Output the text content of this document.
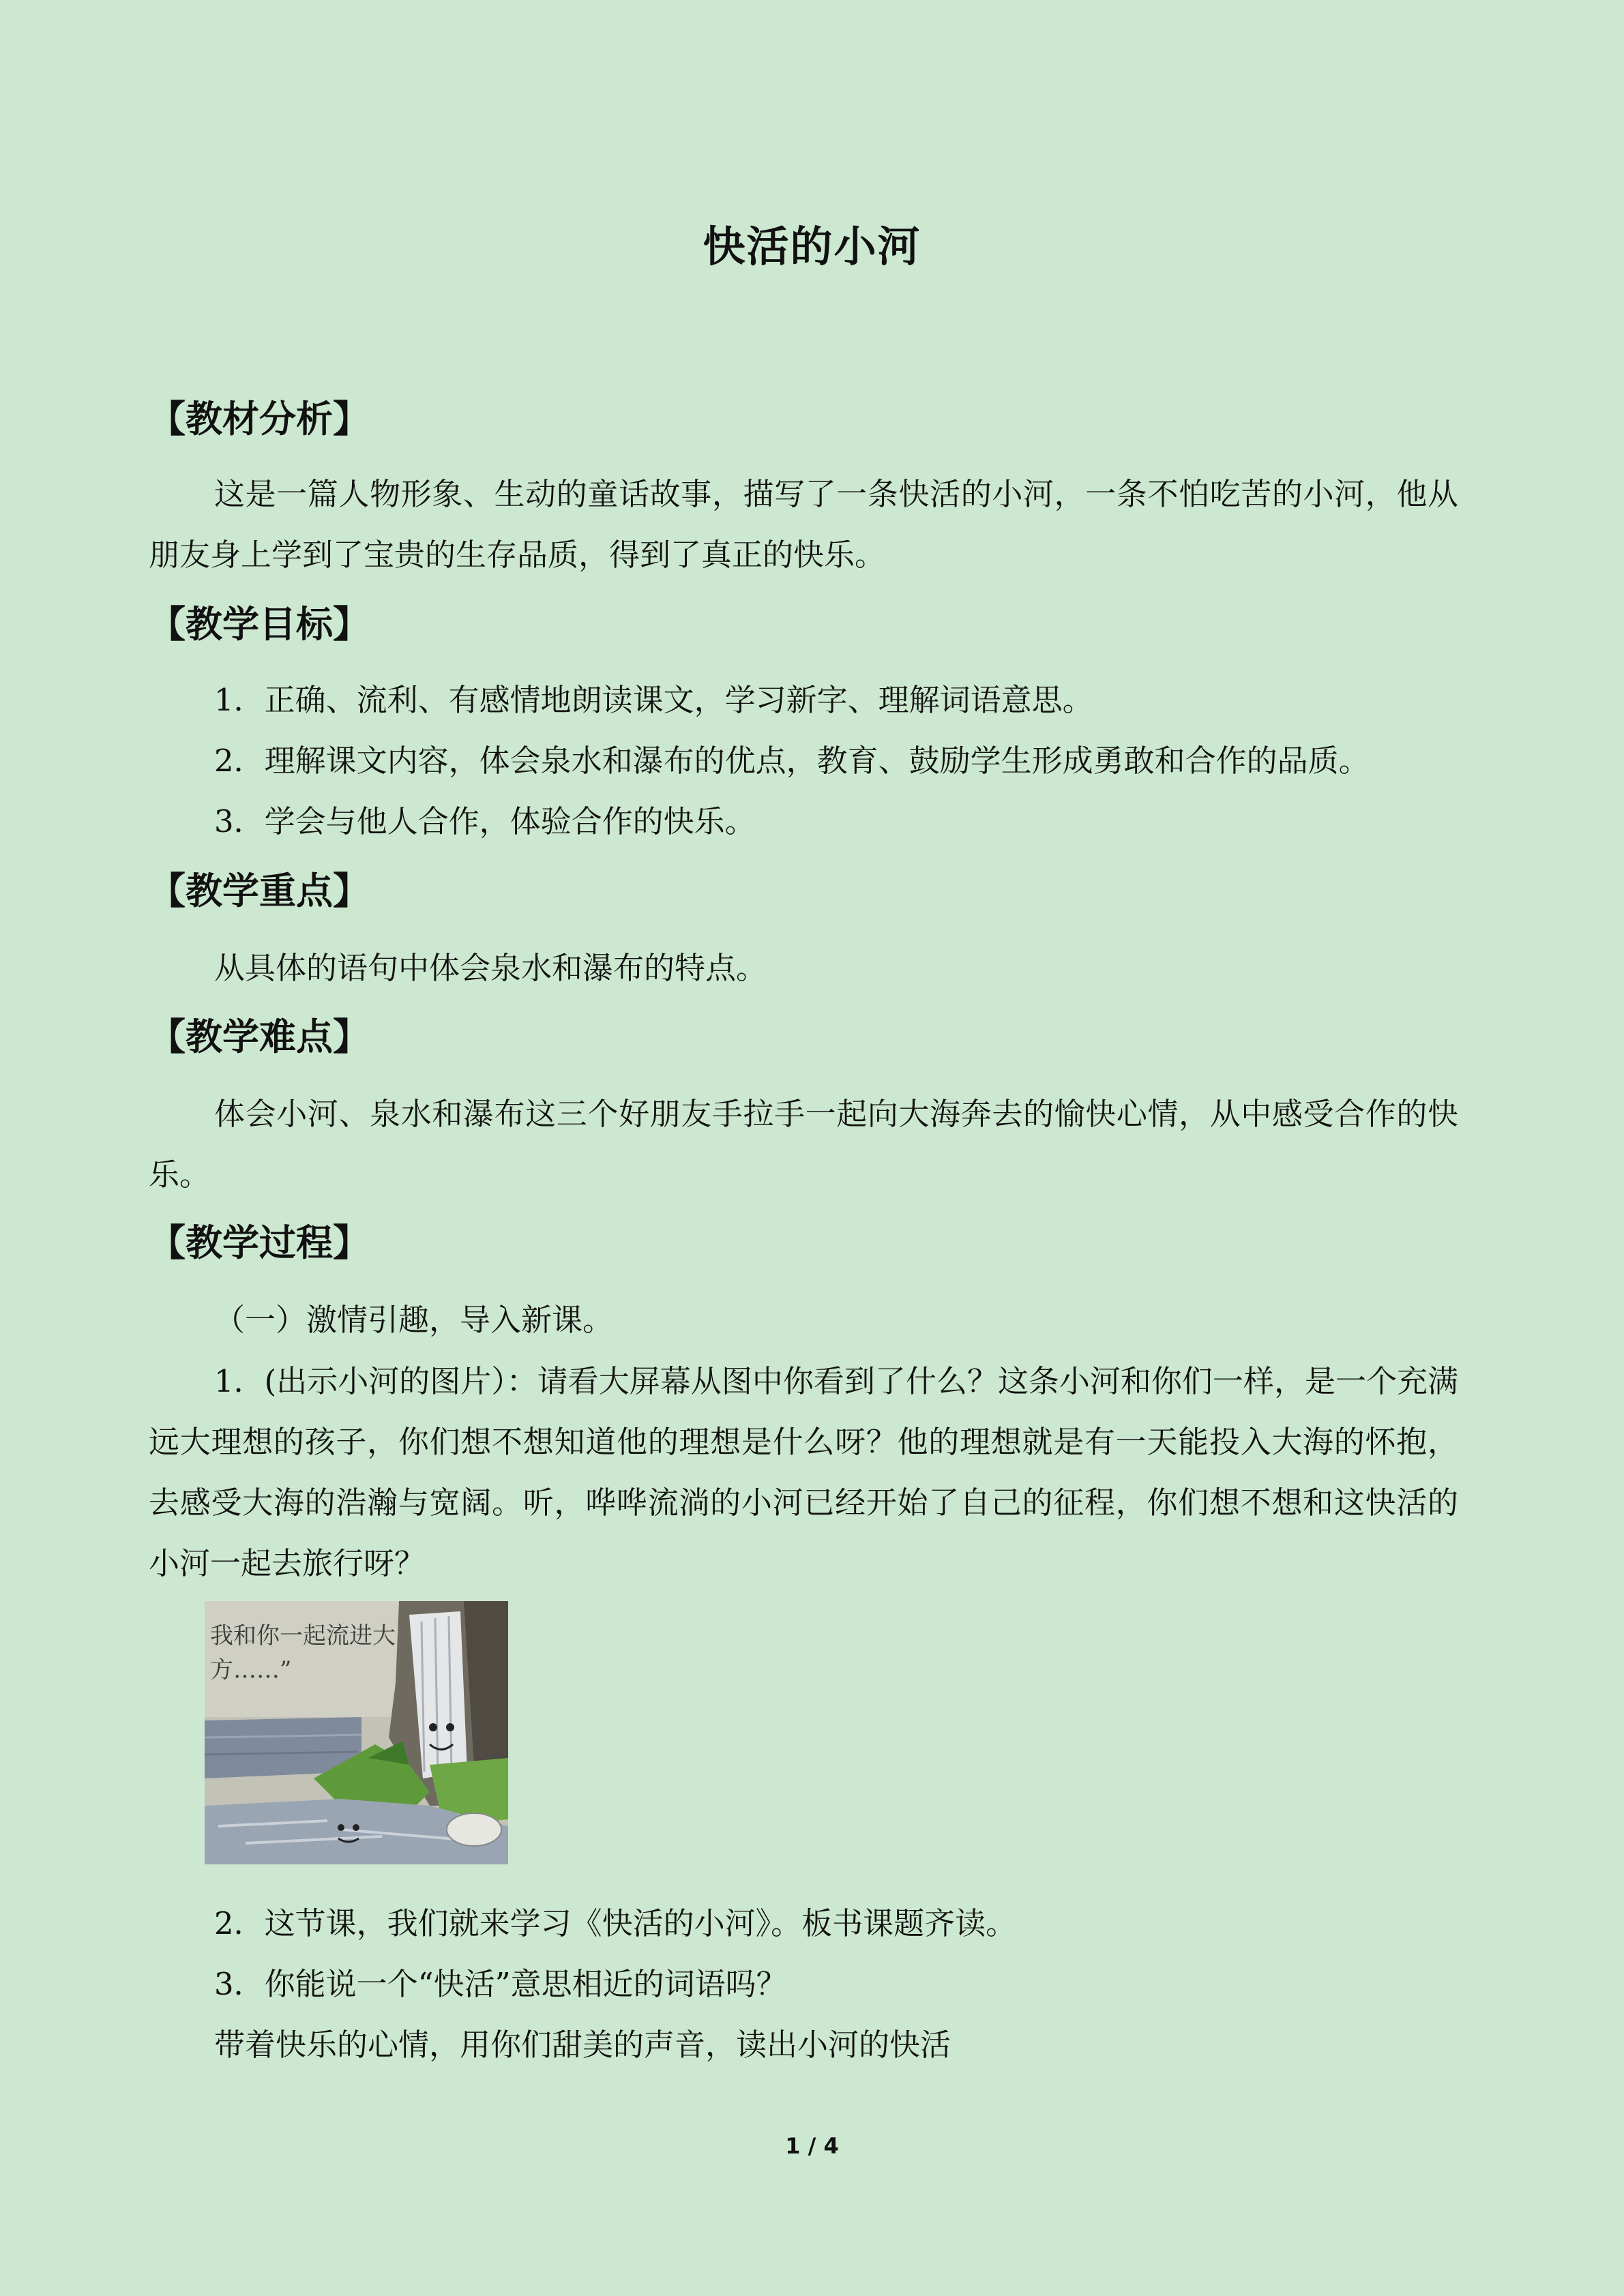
快活的小河
【教材分析】

这是一篇人物形象、生动的童话故事，描写了一条快活的小河，一条不怕吃苦的小河，他从朋友身上学到了宝贵的生存品质，得到了真正的快乐。

【教学目标】

1．正确、流利、有感情地朗读课文，学习新字、理解词语意思。

2．理解课文内容，体会泉水和瀑布的优点，教育、鼓励学生形成勇敢和合作的品质。

3．学会与他人合作，体验合作的快乐。

【教学重点】

从具体的语句中体会泉水和瀑布的特点。

【教学难点】

体会小河、泉水和瀑布这三个好朋友手拉手一起向大海奔去的愉快心情，从中感受合作的快乐。

【教学过程】

（一）激情引趣，导入新课。

1．(出示小河的图片）：请看大屏幕从图中你看到了什么？这条小河和你们一样，是一个充满远大理想的孩子，你们想不想知道他的理想是什么呀？他的理想就是有一天能投入大海的怀抱，去感受大海的浩瀚与宽阔。听，哗哗流淌的小河已经开始了自己的征程，你们想不想和这快活的小河一起去旅行呀？

我和你一起流进大 方……”

2．这节课，我们就来学习《快活的小河》。板书课题齐读。

3．你能说一个“快活”意思相近的词语吗？

带着快乐的心情，用你们甜美的声音，读出小河的快活

1 / 4
